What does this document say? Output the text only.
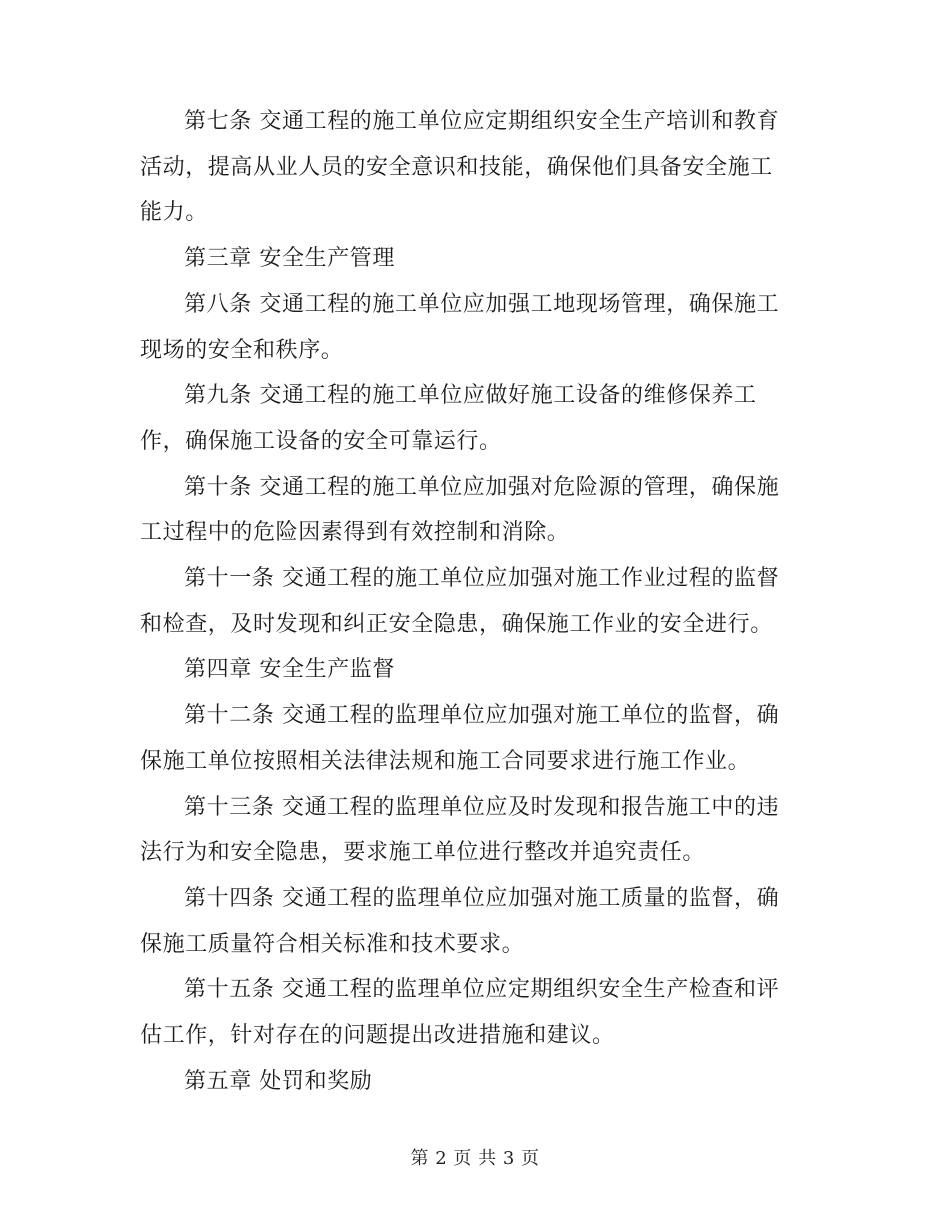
第七条 交通工程的施工单位应定期组织安全生产培训和教育
活动，提高从业人员的安全意识和技能，确保他们具备安全施工
能力。

第三章 安全生产管理

第八条 交通工程的施工单位应加强工地现场管理，确保施工
现场的安全和秩序。

第九条 交通工程的施工单位应做好施工设备的维修保养工
作，确保施工设备的安全可靠运行。

第十条 交通工程的施工单位应加强对危险源的管理，确保施
工过程中的危险因素得到有效控制和消除。

第十一条 交通工程的施工单位应加强对施工作业过程的监督
和检查，及时发现和纠正安全隐患，确保施工作业的安全进行。

第四章 安全生产监督

第十二条 交通工程的监理单位应加强对施工单位的监督，确
保施工单位按照相关法律法规和施工合同要求进行施工作业。

第十三条 交通工程的监理单位应及时发现和报告施工中的违
法行为和安全隐患，要求施工单位进行整改并追究责任。

第十四条 交通工程的监理单位应加强对施工质量的监督，确
保施工质量符合相关标准和技术要求。

第十五条 交通工程的监理单位应定期组织安全生产检查和评
估工作，针对存在的问题提出改进措施和建议。

第五章 处罚和奖励

第 2 页 共 3 页
